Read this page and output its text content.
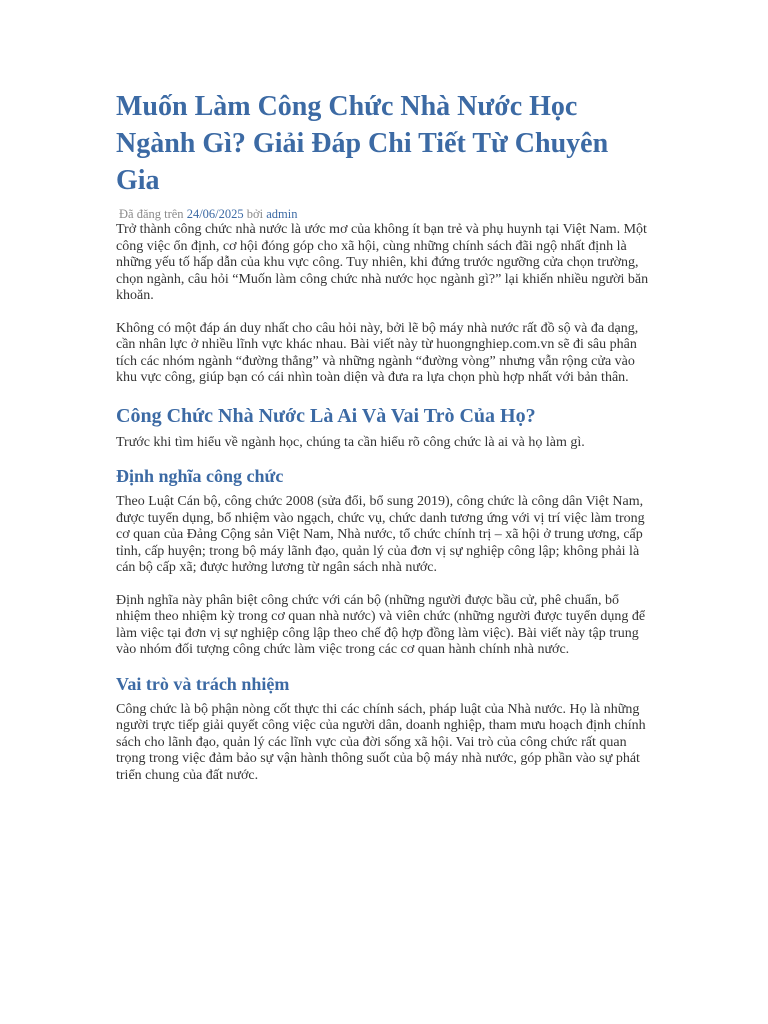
Muốn Làm Công Chức Nhà Nước Học Ngành Gì? Giải Đáp Chi Tiết Từ Chuyên Gia
Đã đăng trên 24/06/2025 bởi admin

Trở thành công chức nhà nước là ước mơ của không ít bạn trẻ và phụ huynh tại Việt Nam. Một công việc ổn định, cơ hội đóng góp cho xã hội, cùng những chính sách đãi ngộ nhất định là những yếu tố hấp dẫn của khu vực công. Tuy nhiên, khi đứng trước ngưỡng cửa chọn trường, chọn ngành, câu hỏi “Muốn làm công chức nhà nước học ngành gì?” lại khiến nhiều người băn khoăn.

Không có một đáp án duy nhất cho câu hỏi này, bởi lẽ bộ máy nhà nước rất đồ sộ và đa dạng, cần nhân lực ở nhiều lĩnh vực khác nhau. Bài viết này từ huongnghiep.com.vn sẽ đi sâu phân tích các nhóm ngành “đường thẳng” và những ngành “đường vòng” nhưng vẫn rộng cửa vào khu vực công, giúp bạn có cái nhìn toàn diện và đưa ra lựa chọn phù hợp nhất với bản thân.

Công Chức Nhà Nước Là Ai Và Vai Trò Của Họ?

Trước khi tìm hiểu về ngành học, chúng ta cần hiểu rõ công chức là ai và họ làm gì.

Định nghĩa công chức

Theo Luật Cán bộ, công chức 2008 (sửa đổi, bổ sung 2019), công chức là công dân Việt Nam, được tuyển dụng, bổ nhiệm vào ngạch, chức vụ, chức danh tương ứng với vị trí việc làm trong cơ quan của Đảng Cộng sản Việt Nam, Nhà nước, tổ chức chính trị – xã hội ở trung ương, cấp tỉnh, cấp huyện; trong bộ máy lãnh đạo, quản lý của đơn vị sự nghiệp công lập; không phải là cán bộ cấp xã; được hưởng lương từ ngân sách nhà nước.

Định nghĩa này phân biệt công chức với cán bộ (những người được bầu cử, phê chuẩn, bổ nhiệm theo nhiệm kỳ trong cơ quan nhà nước) và viên chức (những người được tuyển dụng để làm việc tại đơn vị sự nghiệp công lập theo chế độ hợp đồng làm việc). Bài viết này tập trung vào nhóm đối tượng công chức làm việc trong các cơ quan hành chính nhà nước.

Vai trò và trách nhiệm

Công chức là bộ phận nòng cốt thực thi các chính sách, pháp luật của Nhà nước. Họ là những người trực tiếp giải quyết công việc của người dân, doanh nghiệp, tham mưu hoạch định chính sách cho lãnh đạo, quản lý các lĩnh vực của đời sống xã hội. Vai trò của công chức rất quan trọng trong việc đảm bảo sự vận hành thông suốt của bộ máy nhà nước, góp phần vào sự phát triển chung của đất nước.
